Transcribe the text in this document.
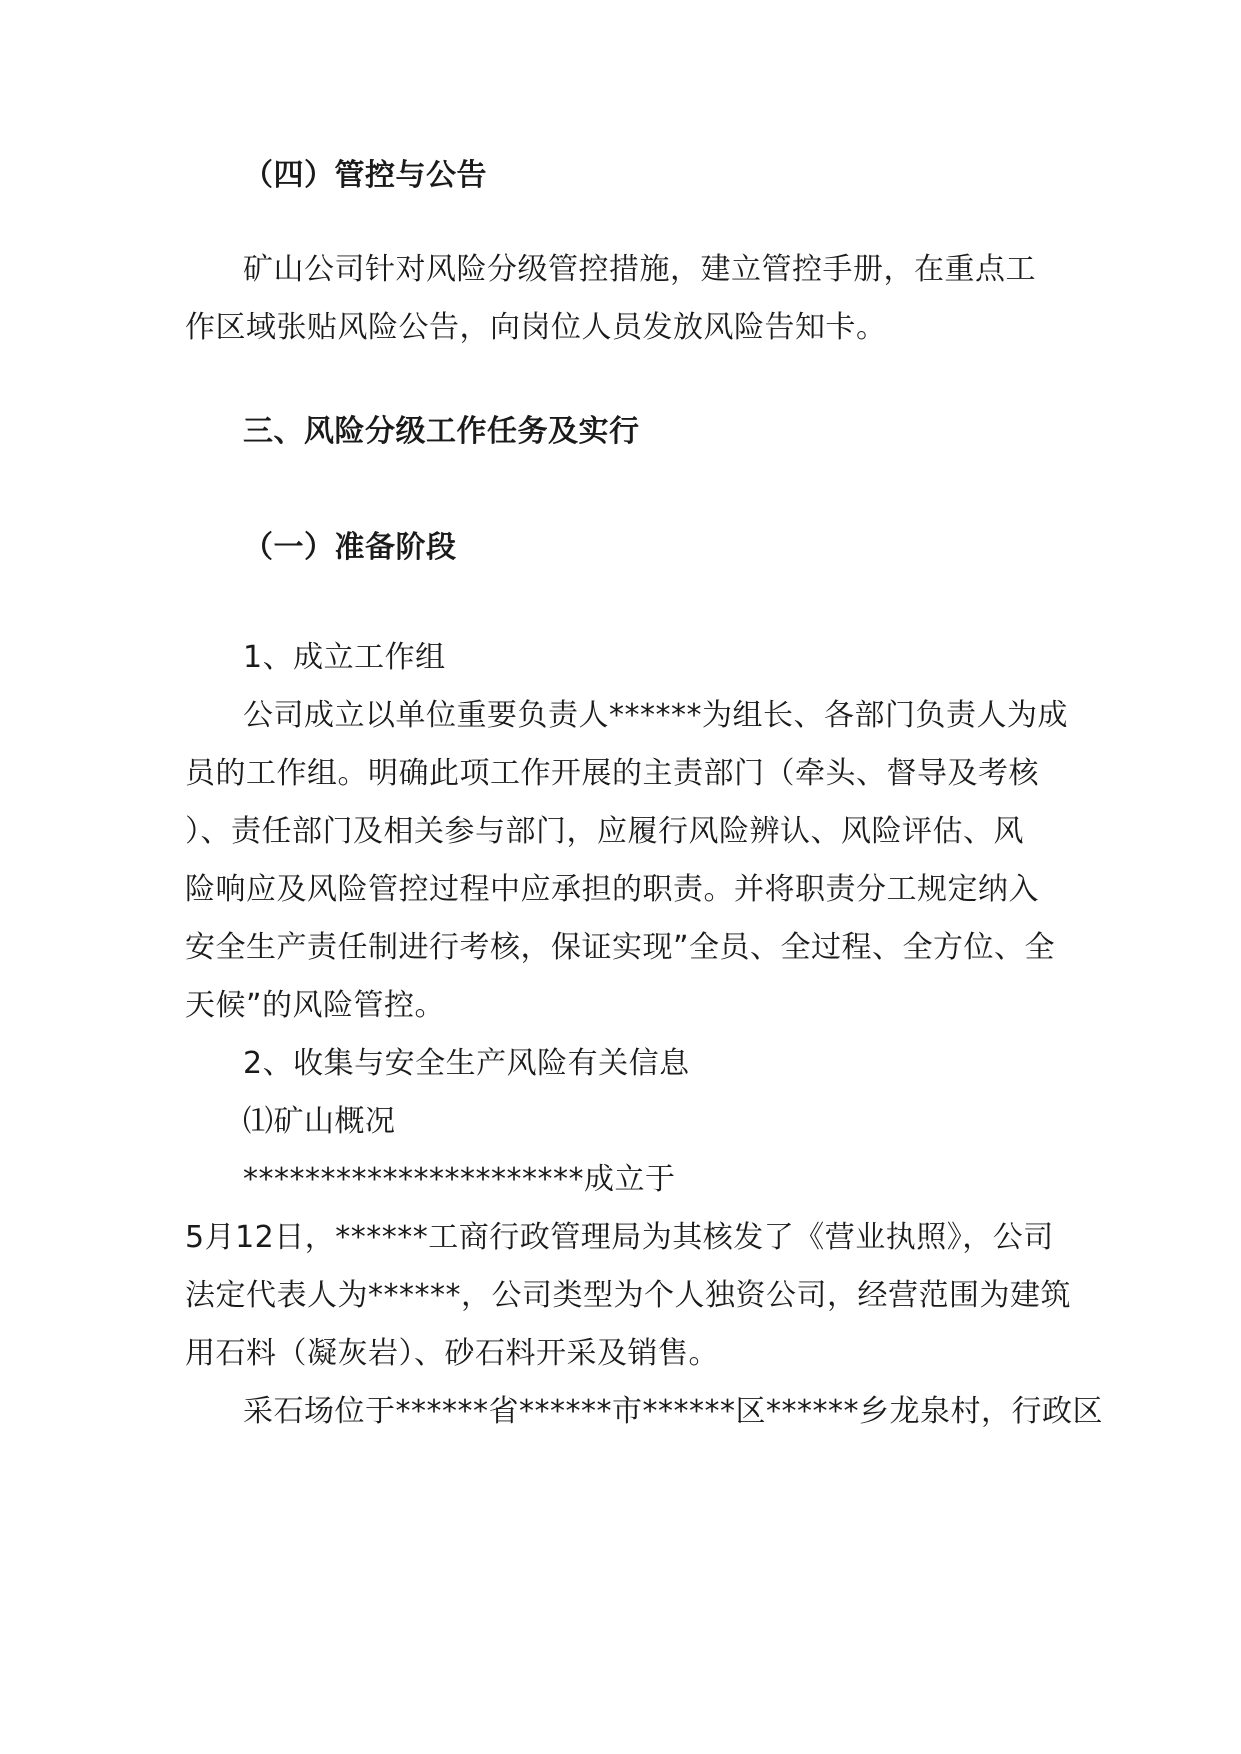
（四）管控与公告
矿山公司针对风险分级管控措施，建立管控手册，在重点工
作区域张贴风险公告，向岗位人员发放风险告知卡。
三、风险分级工作任务及实行
（一）准备阶段
1、成立工作组
公司成立以单位重要负责人******为组长、各部门负责人为成
员的工作组。明确此项工作开展的主责部门（牵头、督导及考核
）、责任部门及相关参与部门，应履行风险辨认、风险评估、风
险响应及风险管控过程中应承担的职责。并将职责分工规定纳入
安全生产责任制进行考核，保证实现”全员、全过程、全方位、全
天候”的风险管控。
2、收集与安全生产风险有关信息
⑴矿山概况
**********************成立于
5月12日，******工商行政管理局为其核发了《营业执照》，公司
法定代表人为******，公司类型为个人独资公司，经营范围为建筑
用石料（凝灰岩）、砂石料开采及销售。
采石场位于******省******市******区******乡龙泉村，行政区
